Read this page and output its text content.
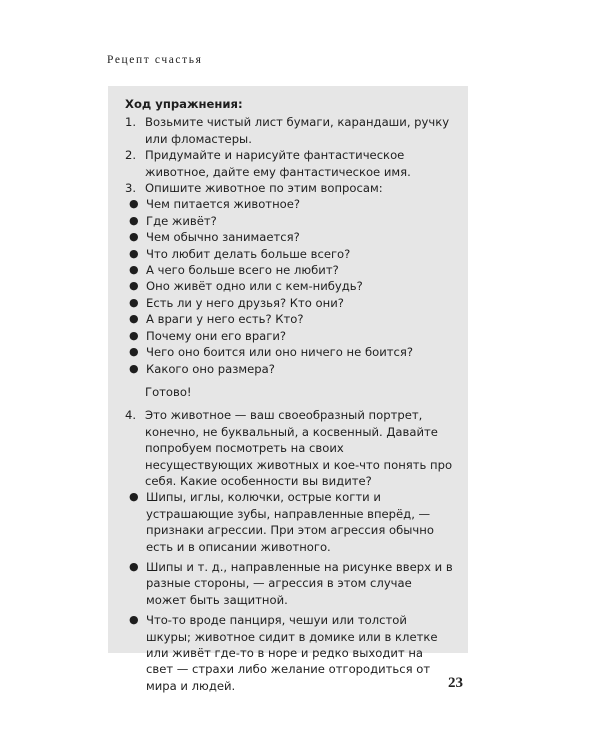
Рецепт счастья
Ход упражнения:
1. Возьмите чистый лист бумаги, карандаши, ручку или фломастеры.
2. Придумайте и нарисуйте фантастическое животное, дайте ему фантастическое имя.
3. Опишите животное по этим вопросам:
● Чем питается животное?
● Где живёт?
● Чем обычно занимается?
● Что любит делать больше всего?
● А чего больше всего не любит?
● Оно живёт одно или с кем-нибудь?
● Есть ли у него друзья? Кто они?
● А враги у него есть? Кто?
● Почему они его враги?
● Чего оно боится или оно ничего не боится?
● Какого оно размера?
Готово!
4. Это животное — ваш своеобразный портрет, конечно, не буквальный, а косвенный. Давайте попробуем посмотреть на своих несуществующих животных и кое-что понять про себя. Какие особенности вы видите?
● Шипы, иглы, колючки, острые когти и устрашающие зубы, направленные вперёд, — признаки агрессии. При этом агрессия обычно есть и в описании животного.
● Шипы и т. д., направленные на рисунке вверх и в разные стороны, — агрессия в этом случае может быть защитной.
● Что-то вроде панциря, чешуи или толстой шкуры; животное сидит в домике или в клетке или живёт где-то в норе и редко выходит на свет — страхи либо желание отгородиться от мира и людей.	23
